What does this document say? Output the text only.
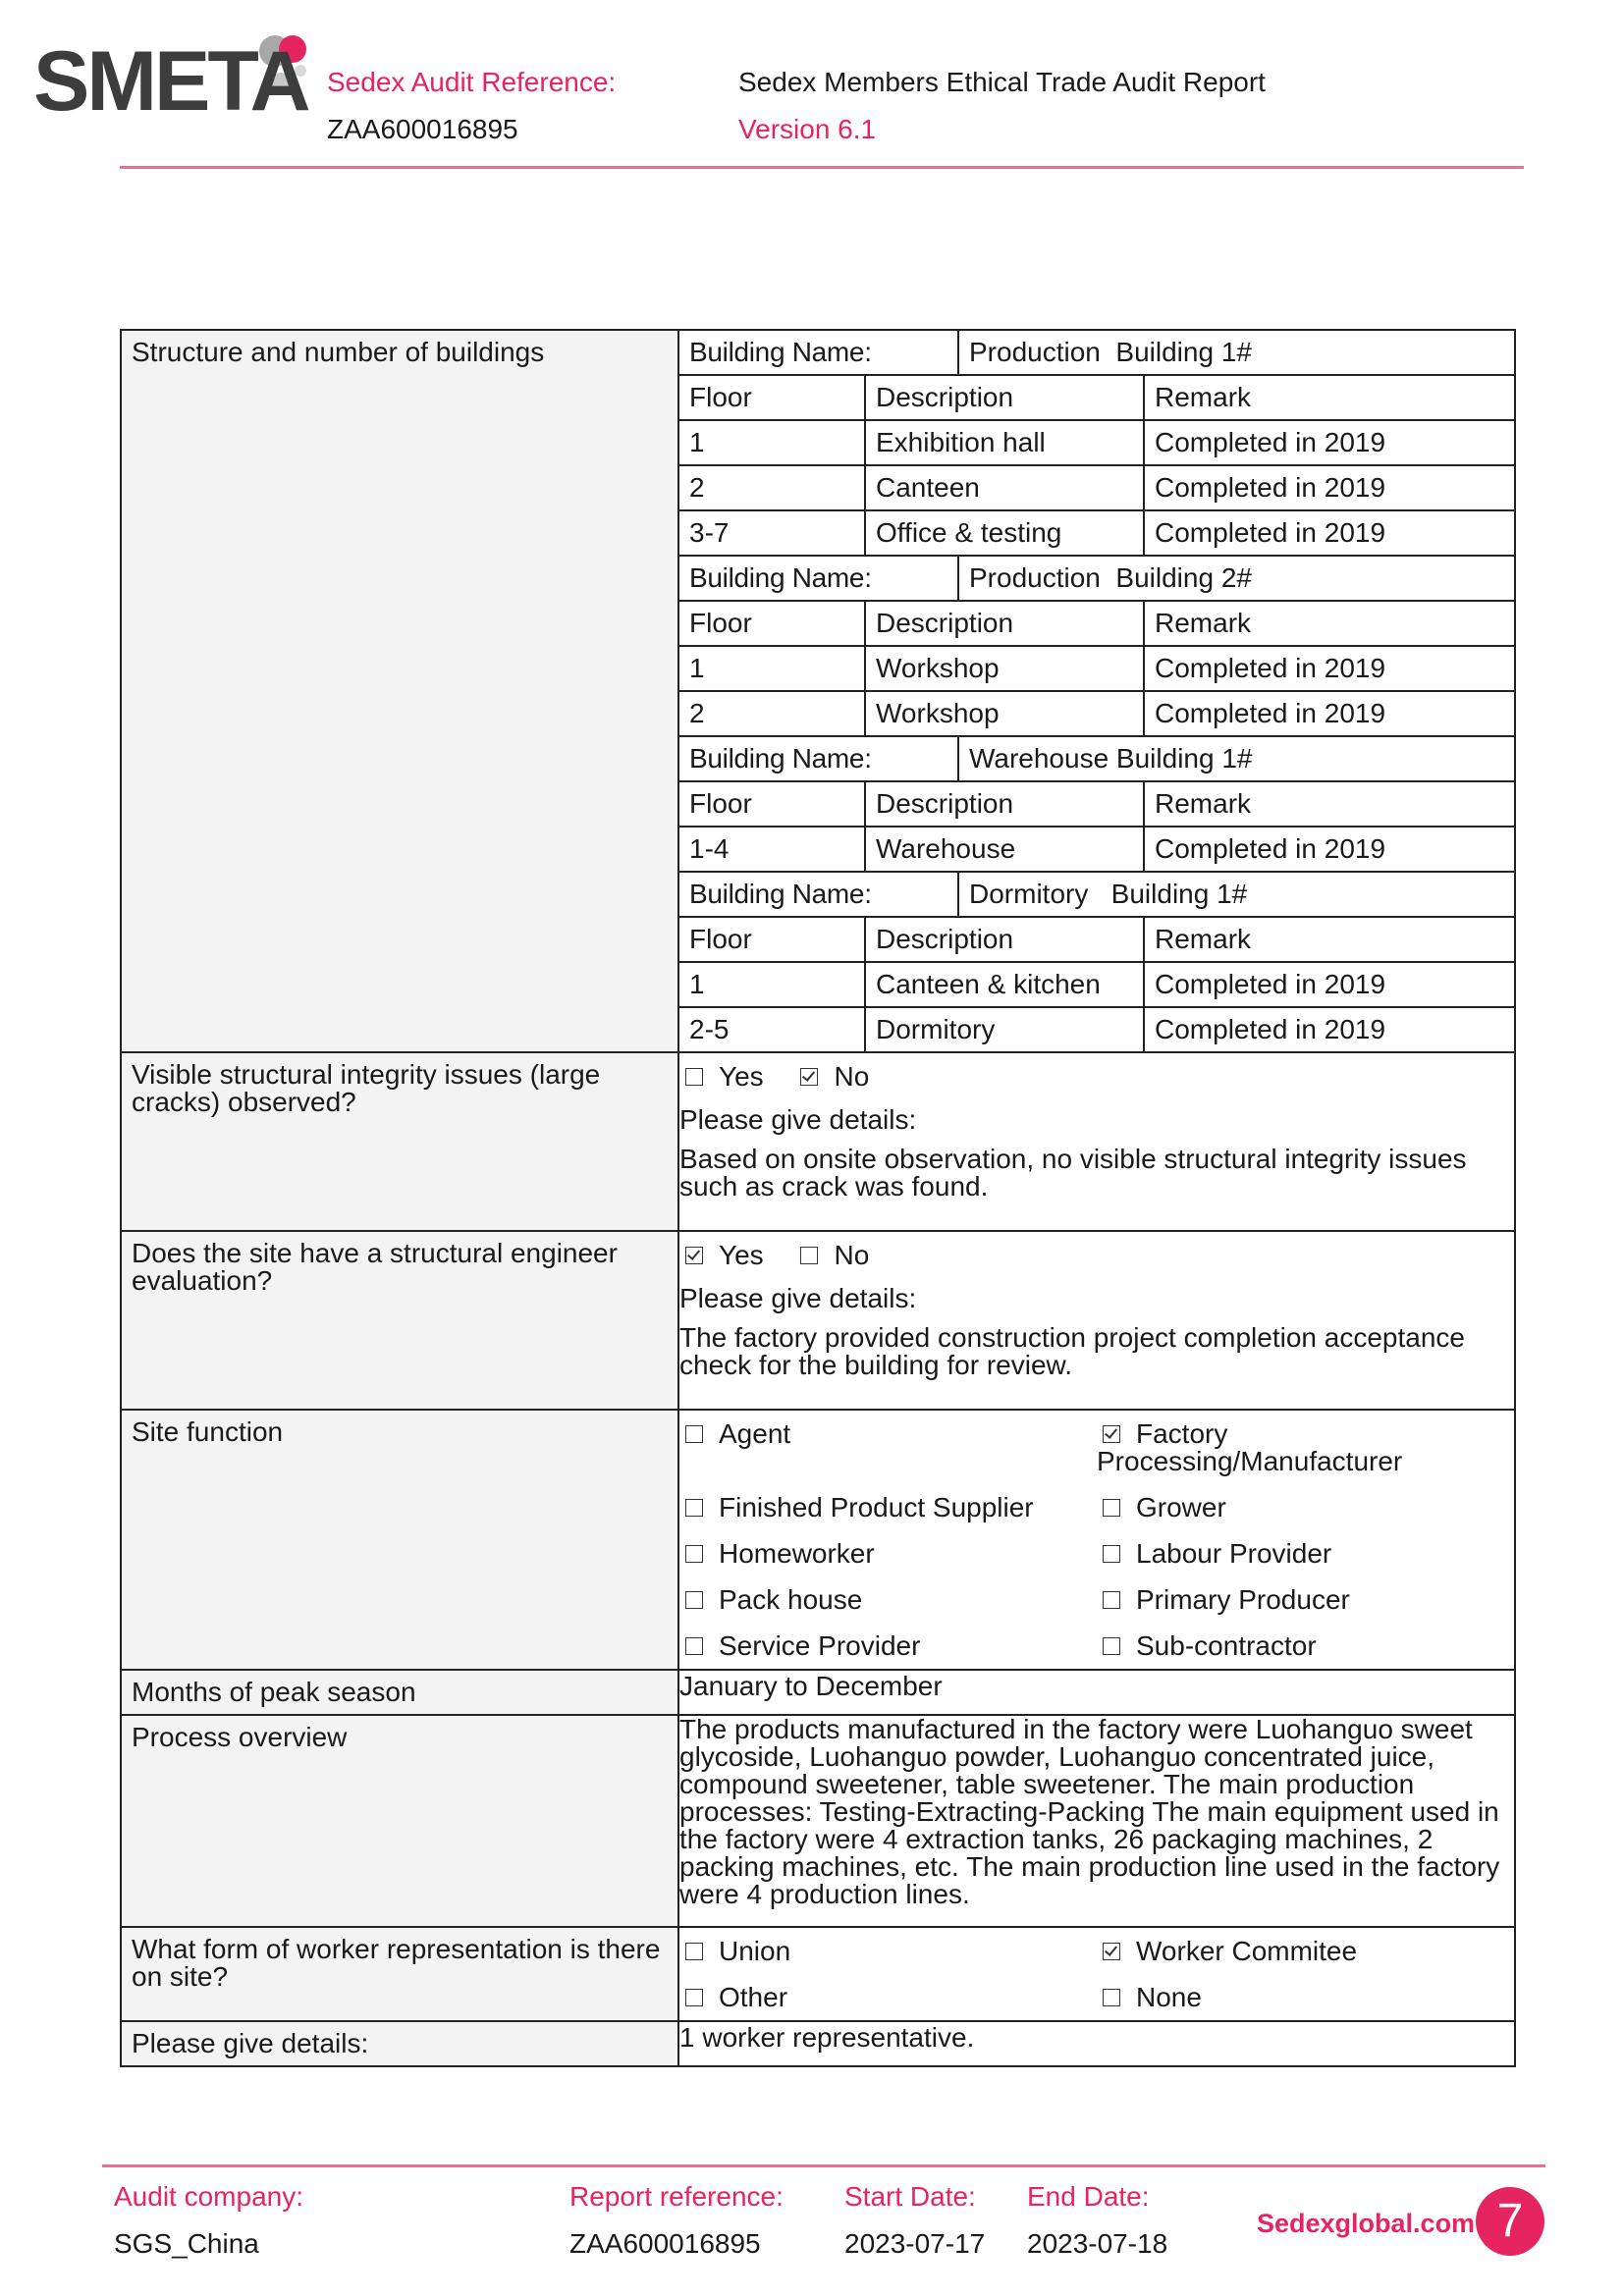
SMETA Sedex Audit Reference:
ZAA600016895
Sedex Members Ethical Trade Audit Report
Version 6.1
Structure and number of buildings
		Building Name:	Production  Building 1#
Floor	Description	Remark
1	Exhibition hall	Completed in 2019
2	Canteen	Completed in 2019
3-7	Office & testing	Completed in 2019
Building Name:	Production  Building 2#
Floor	Description	Remark
1	Workshop	Completed in 2019
2	Workshop	Completed in 2019
Building Name:	Warehouse Building 1#
Floor	Description	Remark
1-4	Warehouse	Completed in 2019
Building Name:	Dormitory   Building 1#
Floor	Description	Remark
1	Canteen & kitchen	Completed in 2019
2-5	Dormitory	Completed in 2019

Visible structural integrity issues (large cracks) observed?	
Yes	No
Please give details:
Based on onsite observation, no visible structural integrity issues such as crack was found.

Does the site have a structural engineer evaluation?	
Yes	No
Please give details:
The factory provided construction project completion acceptance check for the building for review.

Site function	Agent	Factory Processing/Manufacturer
Finished Product Supplier	Grower
Homeworker	Labour Provider
Pack house	Primary Producer
Service Provider	Sub-contractor

Months of peak season	January to December
Process overview	The products manufactured in the factory were Luohanguo sweet glycoside, Luohanguo powder, Luohanguo concentrated juice, compound sweetener, table sweetener. The main production processes: Testing-Extracting-Packing The main equipment used in the factory were 4 extraction tanks, 26 packaging machines, 2 packing machines, etc. The main production line used in the factory were 4 production lines.
What form of worker representation is there on site?	
Union	Worker Commitee
Other	None

Please give details:	1 worker representative.
Audit company:
SGS_China
Report reference:
ZAA600016895
Start Date:
2023-07-17
End Date:
2023-07-18
Sedexglobal.com 7
